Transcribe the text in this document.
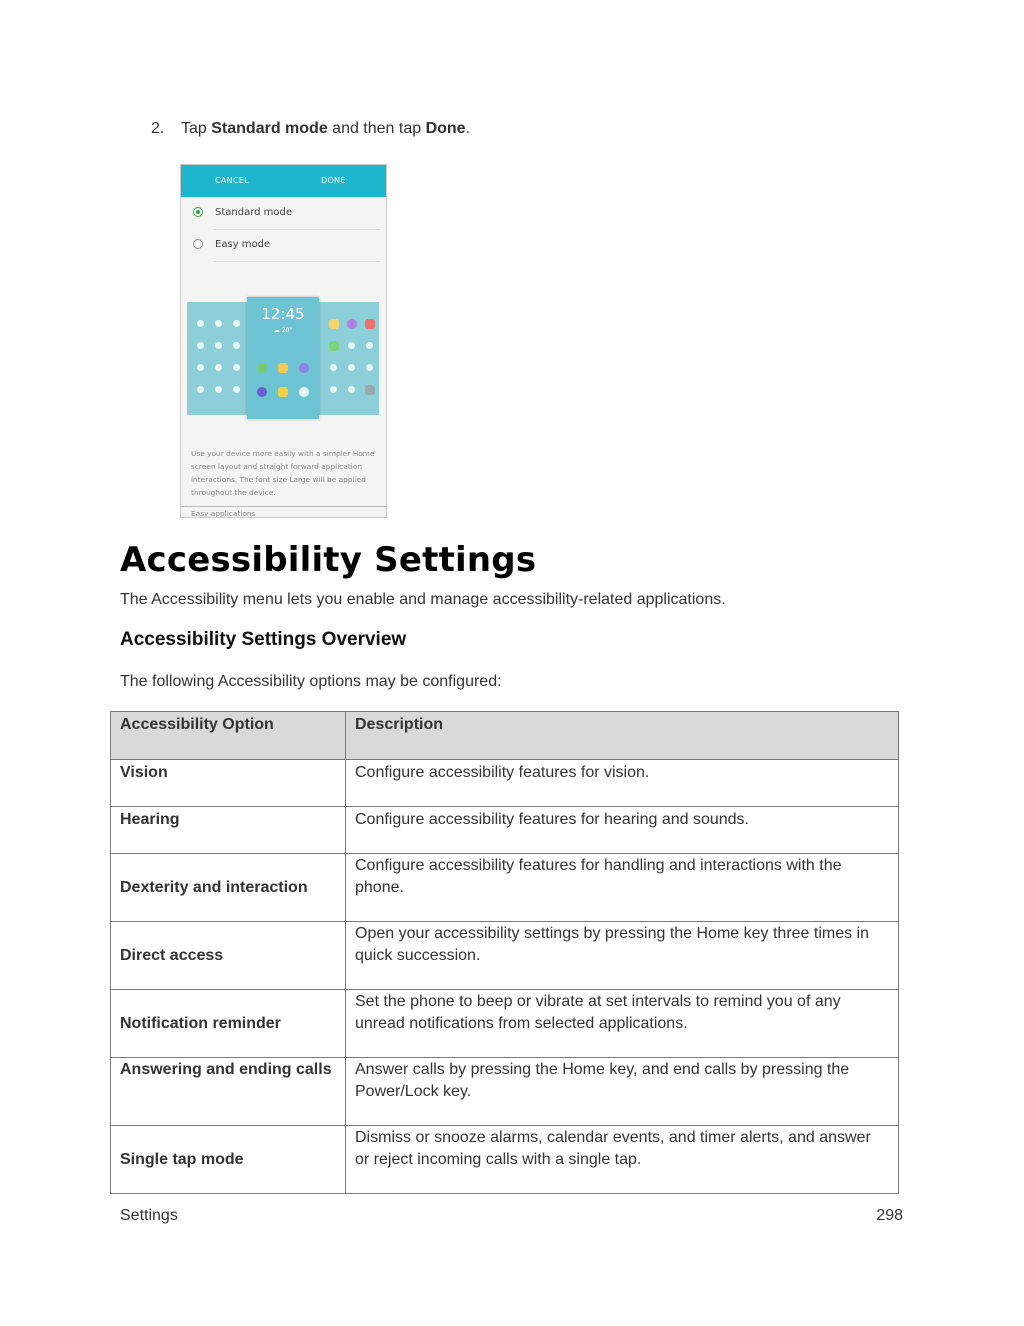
2. Tap Standard mode and then tap Done.
CANCEL	DONE
Standard mode
Easy mode
12:45
☁ 20°
Use your device more easily with a simpler Home screen layout and straight forward application interactions. The font size Large will be applied throughout the device.
Easy applications
Accessibility Settings
The Accessibility menu lets you enable and manage accessibility-related applications.
Accessibility Settings Overview
The following Accessibility options may be configured:
Accessibility Option	Description
Vision	Configure accessibility features for vision.
Hearing	Configure accessibility features for hearing and sounds.
Dexterity and interaction	Configure accessibility features for handling and interactions with the phone.
Direct access	Open your accessibility settings by pressing the Home key three times in quick succession.
Notification reminder	Set the phone to beep or vibrate at set intervals to remind you of any unread notifications from selected applications.
Answering and ending calls	Answer calls by pressing the Home key, and end calls by pressing the Power/Lock key.
Single tap mode	Dismiss or snooze alarms, calendar events, and timer alerts, and answer or reject incoming calls with a single tap.
Settings	298
